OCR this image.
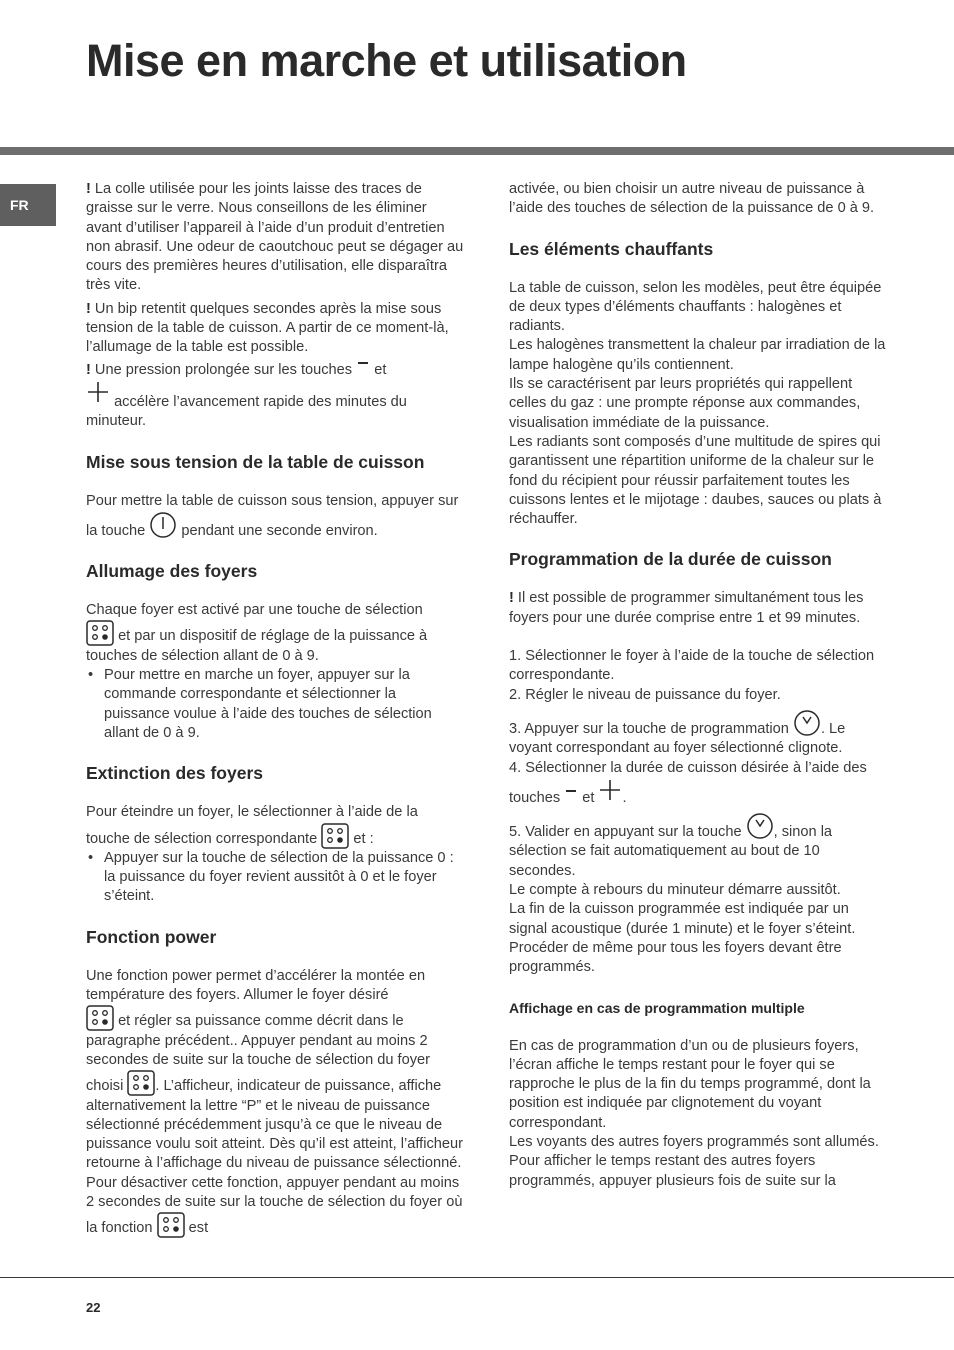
Mise en marche et utilisation
FR

! La colle utilisée pour les joints laisse des traces de graisse sur le verre. Nous conseillons de les éliminer avant d’utiliser l’appareil à l’aide d’un produit d’entretien non abrasif. Une odeur de caoutchouc peut se dégager au cours des premières heures d’utilisation, elle disparaîtra très vite.

! Un bip retentit quelques secondes après la mise sous tension de la table de cuisson. A partir de ce moment-là, l’allumage de la table est possible.

! Une pression prolongée sur les touches et
accélère l’avancement rapide des minutes du minuteur.

Mise sous tension de la table de cuisson

Pour mettre la table de cuisson sous tension, appuyer sur la touche pendant une seconde environ.

Allumage des foyers

Chaque foyer est activé par une touche de sélection
et par un dispositif de réglage de la puissance à touches de sélection allant de 0 à 9.

• Pour mettre en marche un foyer, appuyer sur la commande correspondante et sélectionner la puissance voulue à l’aide des touches de sélection allant de 0 à 9.

Extinction des foyers

Pour éteindre un foyer, le sélectionner à l’aide de la touche de sélection correspondante et :

• Appuyer sur la touche de sélection de la puissance 0 : la puissance du foyer revient aussitôt à 0 et le foyer s’éteint.

Fonction power

Une fonction power permet d’accélérer la montée en température des foyers. Allumer le foyer désiré
et régler sa puissance comme décrit dans le paragraphe précédent.. Appuyer pendant au moins 2 secondes de suite sur la touche de sélection du foyer choisi . L’afficheur, indicateur de puissance, affiche alternativement la lettre “P” et le niveau de puissance sélectionné précédemment jusqu’à ce que le niveau de puissance voulu soit atteint. Dès qu’il est atteint, l’afficheur retourne à l’affichage du niveau de puissance sélectionné. Pour désactiver cette fonction, appuyer pendant au moins 2 secondes de suite sur la touche de sélection du foyer où la fonction est

activée, ou bien choisir un autre niveau de puissance à l’aide des touches de sélection de la puissance de 0 à 9.

Les éléments chauffants

La table de cuisson, selon les modèles, peut être équipée de deux types d’éléments chauffants : halogènes et radiants.

Les halogènes transmettent la chaleur par irradiation de la lampe halogène qu’ils contiennent.

Ils se caractérisent par leurs propriétés qui rappellent celles du gaz : une prompte réponse aux commandes, visualisation immédiate de la puissance.

Les radiants sont composés d’une multitude de spires qui garantissent une répartition uniforme de la chaleur sur le fond du récipient pour réussir parfaitement toutes les cuissons lentes et le mijotage : daubes, sauces ou plats à réchauffer.

Programmation de la durée de cuisson

! Il est possible de programmer simultanément tous les foyers pour une durée comprise entre 1 et 99 minutes.

1. Sélectionner le foyer à l’aide de la touche de sélection correspondante.

2. Régler le niveau de puissance du foyer.

3. Appuyer sur la touche de programmation . Le voyant correspondant au foyer sélectionné clignote.

4. Sélectionner la durée de cuisson désirée à l’aide des touches et .

5. Valider en appuyant sur la touche , sinon la sélection se fait automatiquement au bout de 10 secondes.

Le compte à rebours du minuteur démarre aussitôt.

La fin de la cuisson programmée est indiquée par un signal acoustique (durée 1 minute) et le foyer s’éteint.

Procéder de même pour tous les foyers devant être programmés.

Affichage en cas de programmation multiple

En cas de programmation d’un ou de plusieurs foyers, l’écran affiche le temps restant pour le foyer qui se rapproche le plus de la fin du temps programmé, dont la position est indiquée par clignotement du voyant correspondant.

Les voyants des autres foyers programmés sont allumés.

Pour afficher le temps restant des autres foyers programmés, appuyer plusieurs fois de suite sur la

22
